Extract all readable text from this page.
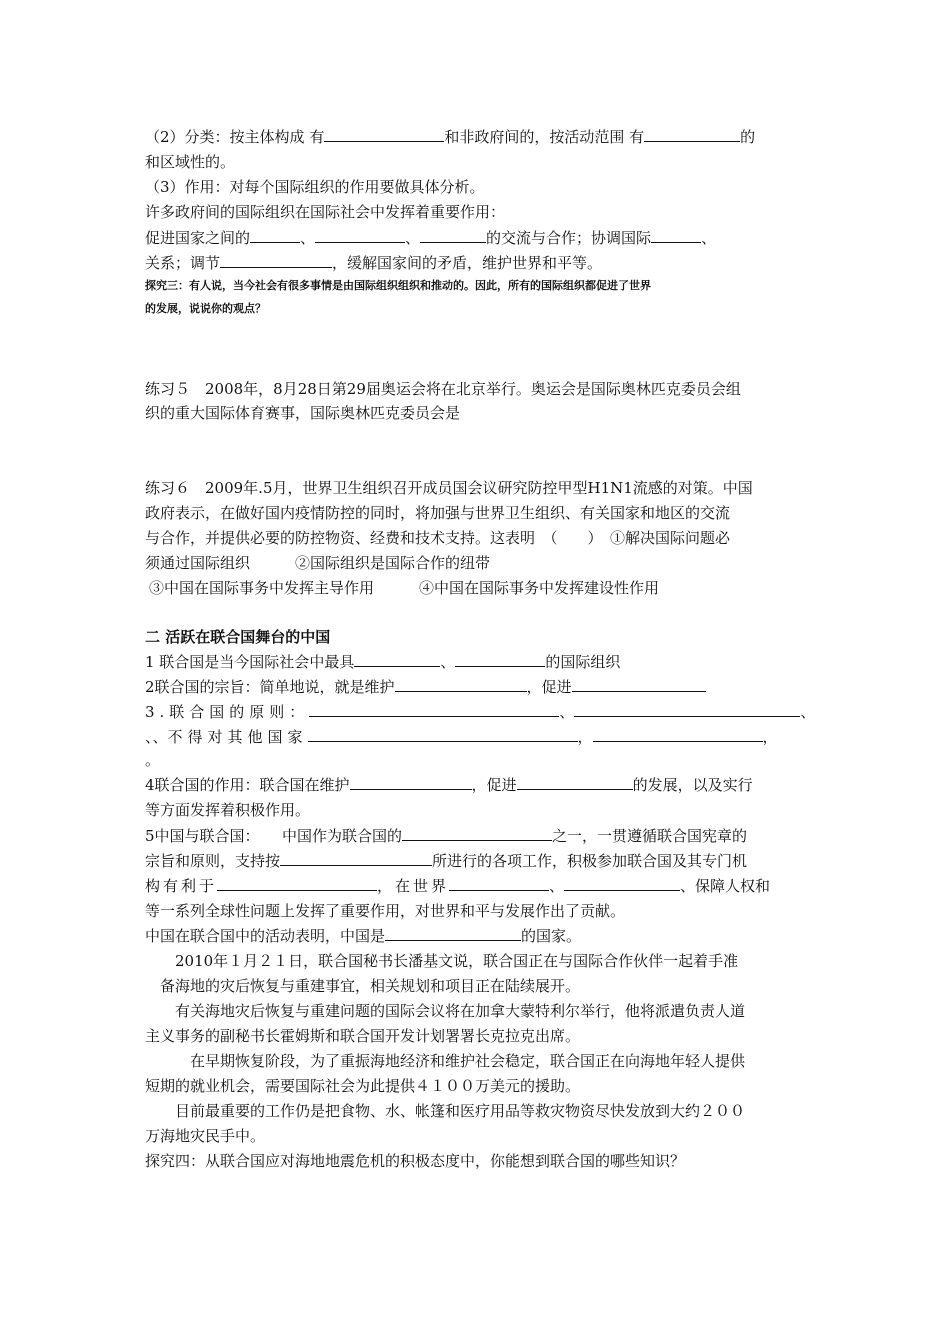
（2）分类：按主体构成 有	和非政府间的，按活动范围 有	的
和区域性的。
（3）作用：对每个国际组织的作用要做具体分析。
许多政府间的国际组织在国际社会中发挥着重要作用：
促进国家之间的	、	、	的交流与合作；协调国际	、
关系；调节	，缓解国家间的矛盾，维护世界和平等。
探究三：有人说，当今社会有很多事情是由国际组织组织和推动的。因此，所有的国际组织都促进了世界
的发展，说说你的观点？
练习５　2008年，8月28日第29届奥运会将在北京举行。奥运会是国际奥林匹克委员会组
织的重大国际体育赛事，国际奥林匹克委员会是
练习６　2009年.5月，世界卫生组织召开成员国会议研究防控甲型H1N1流感的对策。中国
政府表示，在做好国内疫情防控的同时，将加强与世界卫生组织、有关国家和地区的交流
与合作，并提供必要的防控物资、经费和技术支持。这表明　（　　）　①解决国际问题必
须通过国际组织　　　②国际组织是国际合作的纽带
③中国在国际事务中发挥主导作用　　　④中国在国际事务中发挥建设性作用
二 活跃在联合国舞台的中国
1 联合国是当今国际社会中最具	、	的国际组织
2联合国的宗旨：简单地说，就是维护	，促进
3.联合国的原则：	、	、
、、不得对其他国家	，	，
。
4联合国的作用：联合国在维护	，促进	的发展，以及实行
等方面发挥着积极作用。
5中国与联合国：　　中国作为联合国的	之一，一贯遵循联合国宪章的
宗旨和原则，支持按	所进行的各项工作，积极参加联合国及其专门机
构有利于	，在世界	、	、保障人权和
等一系列全球性问题上发挥了重要作用，对世界和平与发展作出了贡献。
中国在联合国中的活动表明，中国是	的国家。
　　2010年１月２１日，联合国秘书长潘基文说，联合国正在与国际合作伙伴一起着手准
　备海地的灾后恢复与重建事宜，相关规划和项目正在陆续展开。
　　有关海地灾后恢复与重建问题的国际会议将在加拿大蒙特利尔举行，他将派遣负责人道
主义事务的副秘书长霍姆斯和联合国开发计划署署长克拉克出席。
　　　在早期恢复阶段，为了重振海地经济和维护社会稳定，联合国正在向海地年轻人提供
短期的就业机会，需要国际社会为此提供４１００万美元的援助。
　　目前最重要的工作仍是把食物、水、帐篷和医疗用品等救灾物资尽快发放到大约２００
万海地灾民手中。
探究四：从联合国应对海地地震危机的积极态度中，你能想到联合国的哪些知识？
